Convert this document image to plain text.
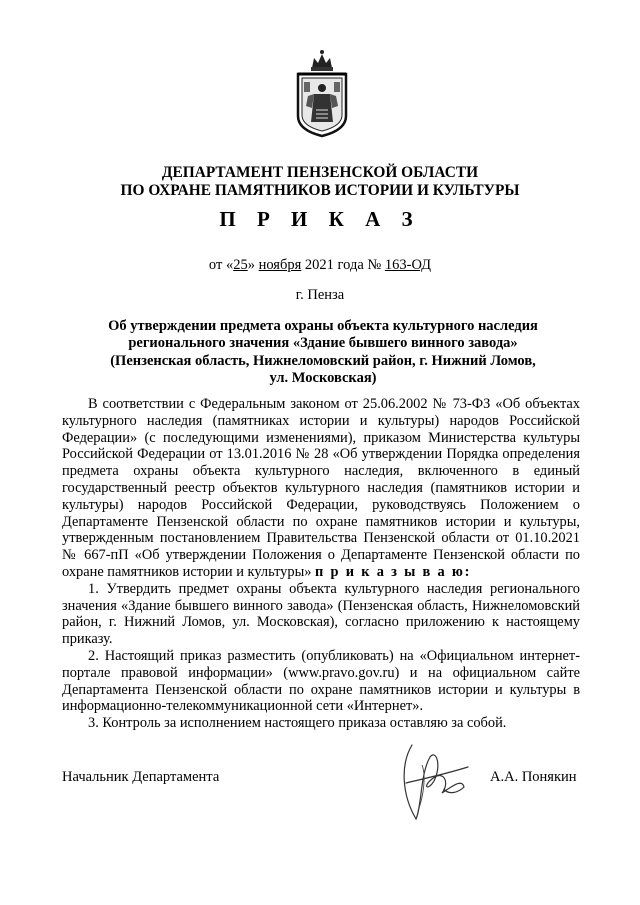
ДЕПАРТАМЕНТ ПЕНЗЕНСКОЙ ОБЛАСТИ
ПО ОХРАНЕ ПАМЯТНИКОВ ИСТОРИИ И КУЛЬТУРЫ
П Р И К А З
от «25» ноября 2021 года № 163-ОД
г. Пенза
Об утверждении предмета охраны объекта культурного наследия
регионального значения «Здание бывшего винного завода»
(Пензенская область, Нижнеломовский район, г. Нижний Ломов,
ул. Московская)

В соответствии с Федеральным законом от 25.06.2002 № 73-ФЗ «Об объектах культурного наследия (памятниках истории и культуры) народов Российской Федерации» (с последующими изменениями), приказом Министерства культуры Российской Федерации от 13.01.2016 № 28 «Об утверждении Порядка определения предмета охраны объекта культурного наследия, включенного в единый государственный реестр объектов культурного наследия (памятников истории и культуры) народов Российской Федерации, руководствуясь Положением о Департаменте Пензенской области по охране памятников истории и культуры, утвержденным постановлением Правительства Пензенской области от 01.10.2021 № 667-пП «Об утверждении Положения о Департаменте Пензенской области по охране памятников истории и культуры» п р и к а з ы в а ю:

1. Утвердить предмет охраны объекта культурного наследия регионального значения «Здание бывшего винного завода» (Пензенская область, Нижнеломовский район, г. Нижний Ломов, ул. Московская), согласно приложению к настоящему приказу.

2. Настоящий приказ разместить (опубликовать) на «Официальном интернет-портале правовой информации» (www.pravo.gov.ru) и на официальном сайте Департамента Пензенской области по охране памятников истории и культуры в информационно-телекоммуникационной сети «Интернет».

3. Контроль за исполнением настоящего приказа оставляю за собой.

Начальник Департамента	А.А. Понякин
